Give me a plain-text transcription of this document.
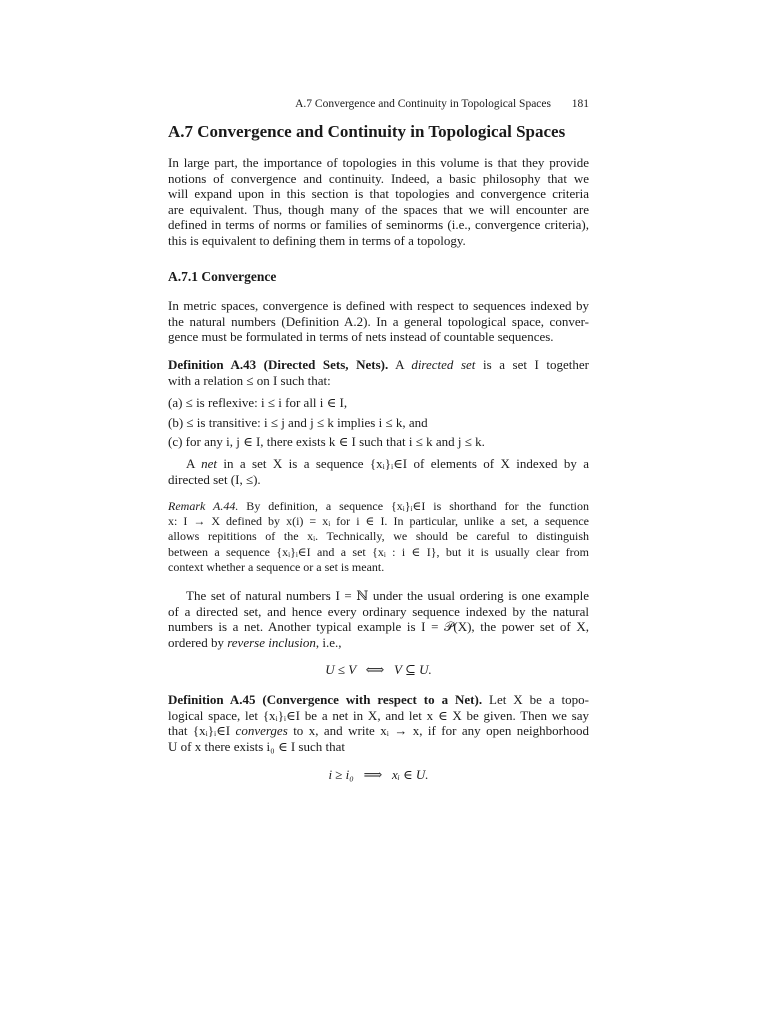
A.7 Convergence and Continuity in Topological Spaces 181
A.7 Convergence and Continuity in Topological Spaces
In large part, the importance of topologies in this volume is that they provide
notions of convergence and continuity. Indeed, a basic philosophy that we
will expand upon in this section is that topologies and convergence criteria
are equivalent. Thus, though many of the spaces that we will encounter are
defined in terms of norms or families of seminorms (i.e., convergence criteria),
this is equivalent to defining them in terms of a topology.
A.7.1 Convergence
In metric spaces, convergence is defined with respect to sequences indexed by
the natural numbers (Definition A.2). In a general topological space, conver-
gence must be formulated in terms of nets instead of countable sequences.
Definition A.43 (Directed Sets, Nets). A directed set is a set I together
with a relation ≤ on I such that:
(a) ≤ is reflexive: i ≤ i for all i ∈ I,
(b) ≤ is transitive: i ≤ j and j ≤ k implies i ≤ k, and
(c) for any i, j ∈ I, there exists k ∈ I such that i ≤ k and j ≤ k.
A net in a set X is a sequence {xᵢ}ᵢ∈I of elements of X indexed by a
directed set (I, ≤).
Remark A.44. By definition, a sequence {xᵢ}ᵢ∈I is shorthand for the function
x: I → X defined by x(i) = xᵢ for i ∈ I. In particular, unlike a set, a sequence
allows repititions of the xᵢ. Technically, we should be careful to distinguish
between a sequence {xᵢ}ᵢ∈I and a set {xᵢ : i ∈ I}, but it is usually clear from
context whether a sequence or a set is meant.
The set of natural numbers I = ℕ under the usual ordering is one example
of a directed set, and hence every ordinary sequence indexed by the natural
numbers is a net. Another typical example is I = 𝒫(X), the power set of X,
ordered by reverse inclusion, i.e.,
U ≤ V   ⟺   V ⊆ U.
Definition A.45 (Convergence with respect to a Net). Let X be a topo-
logical space, let {xᵢ}ᵢ∈I be a net in X, and let x ∈ X be given. Then we say
that {xᵢ}ᵢ∈I converges to x, and write xᵢ → x, if for any open neighborhood
U of x there exists i₀ ∈ I such that
i ≥ i₀   ⟹   xᵢ ∈ U.
